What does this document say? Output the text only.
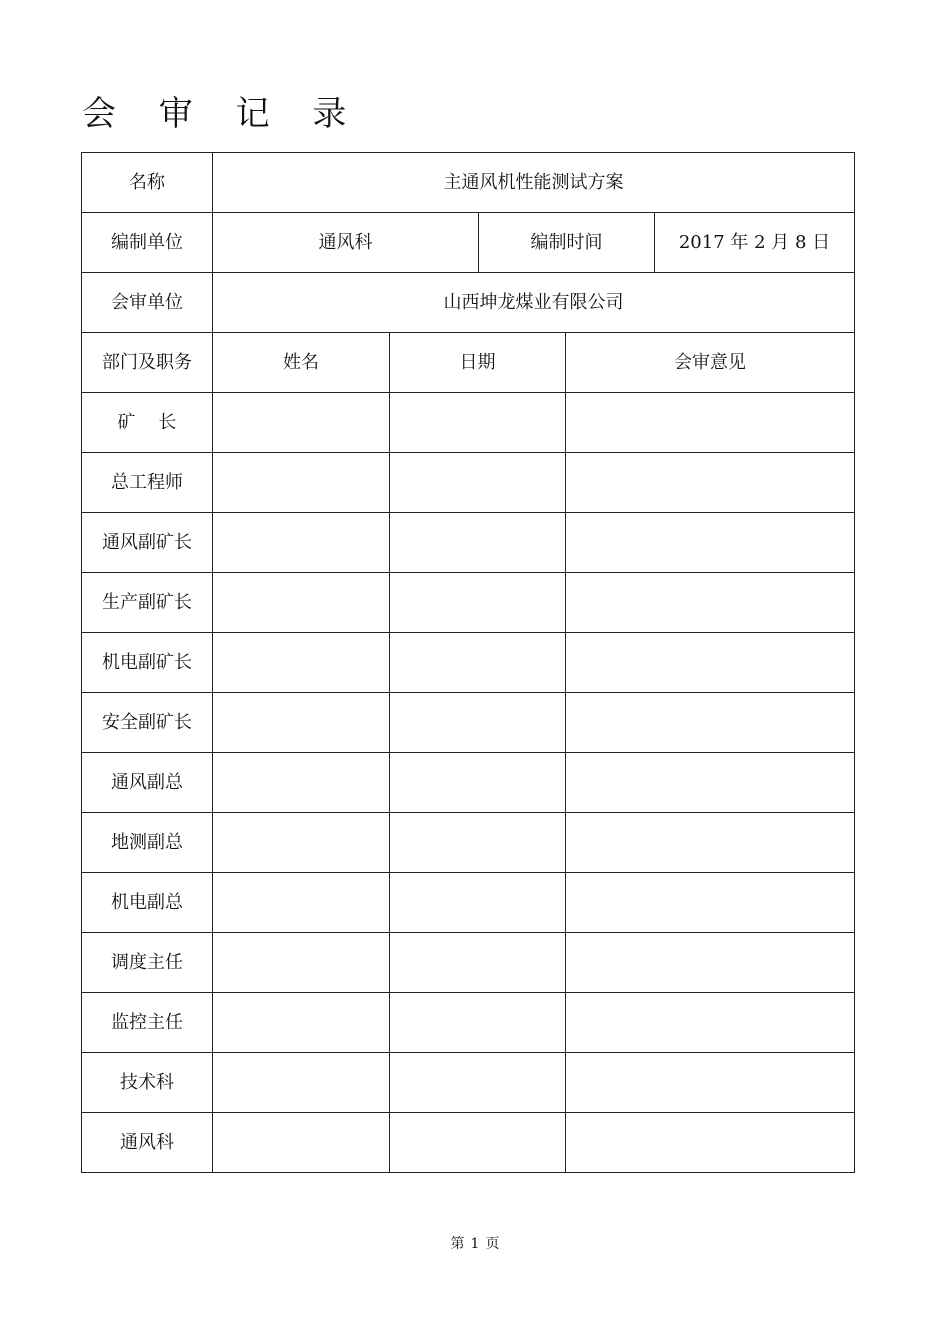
会 审 记 录
名称	主通风机性能测试方案				
编制单位	通风科		编制时间		2017 年 2 月 8 日
会审单位	山西坤龙煤业有限公司				
部门及职务	姓名	日期		会审意见	
矿    长					
总工程师					
通风副矿长					
生产副矿长					
机电副矿长					
安全副矿长					
通风副总					
地测副总					
机电副总					
调度主任					
监控主任					
技术科					
通风科					
第 1 页
